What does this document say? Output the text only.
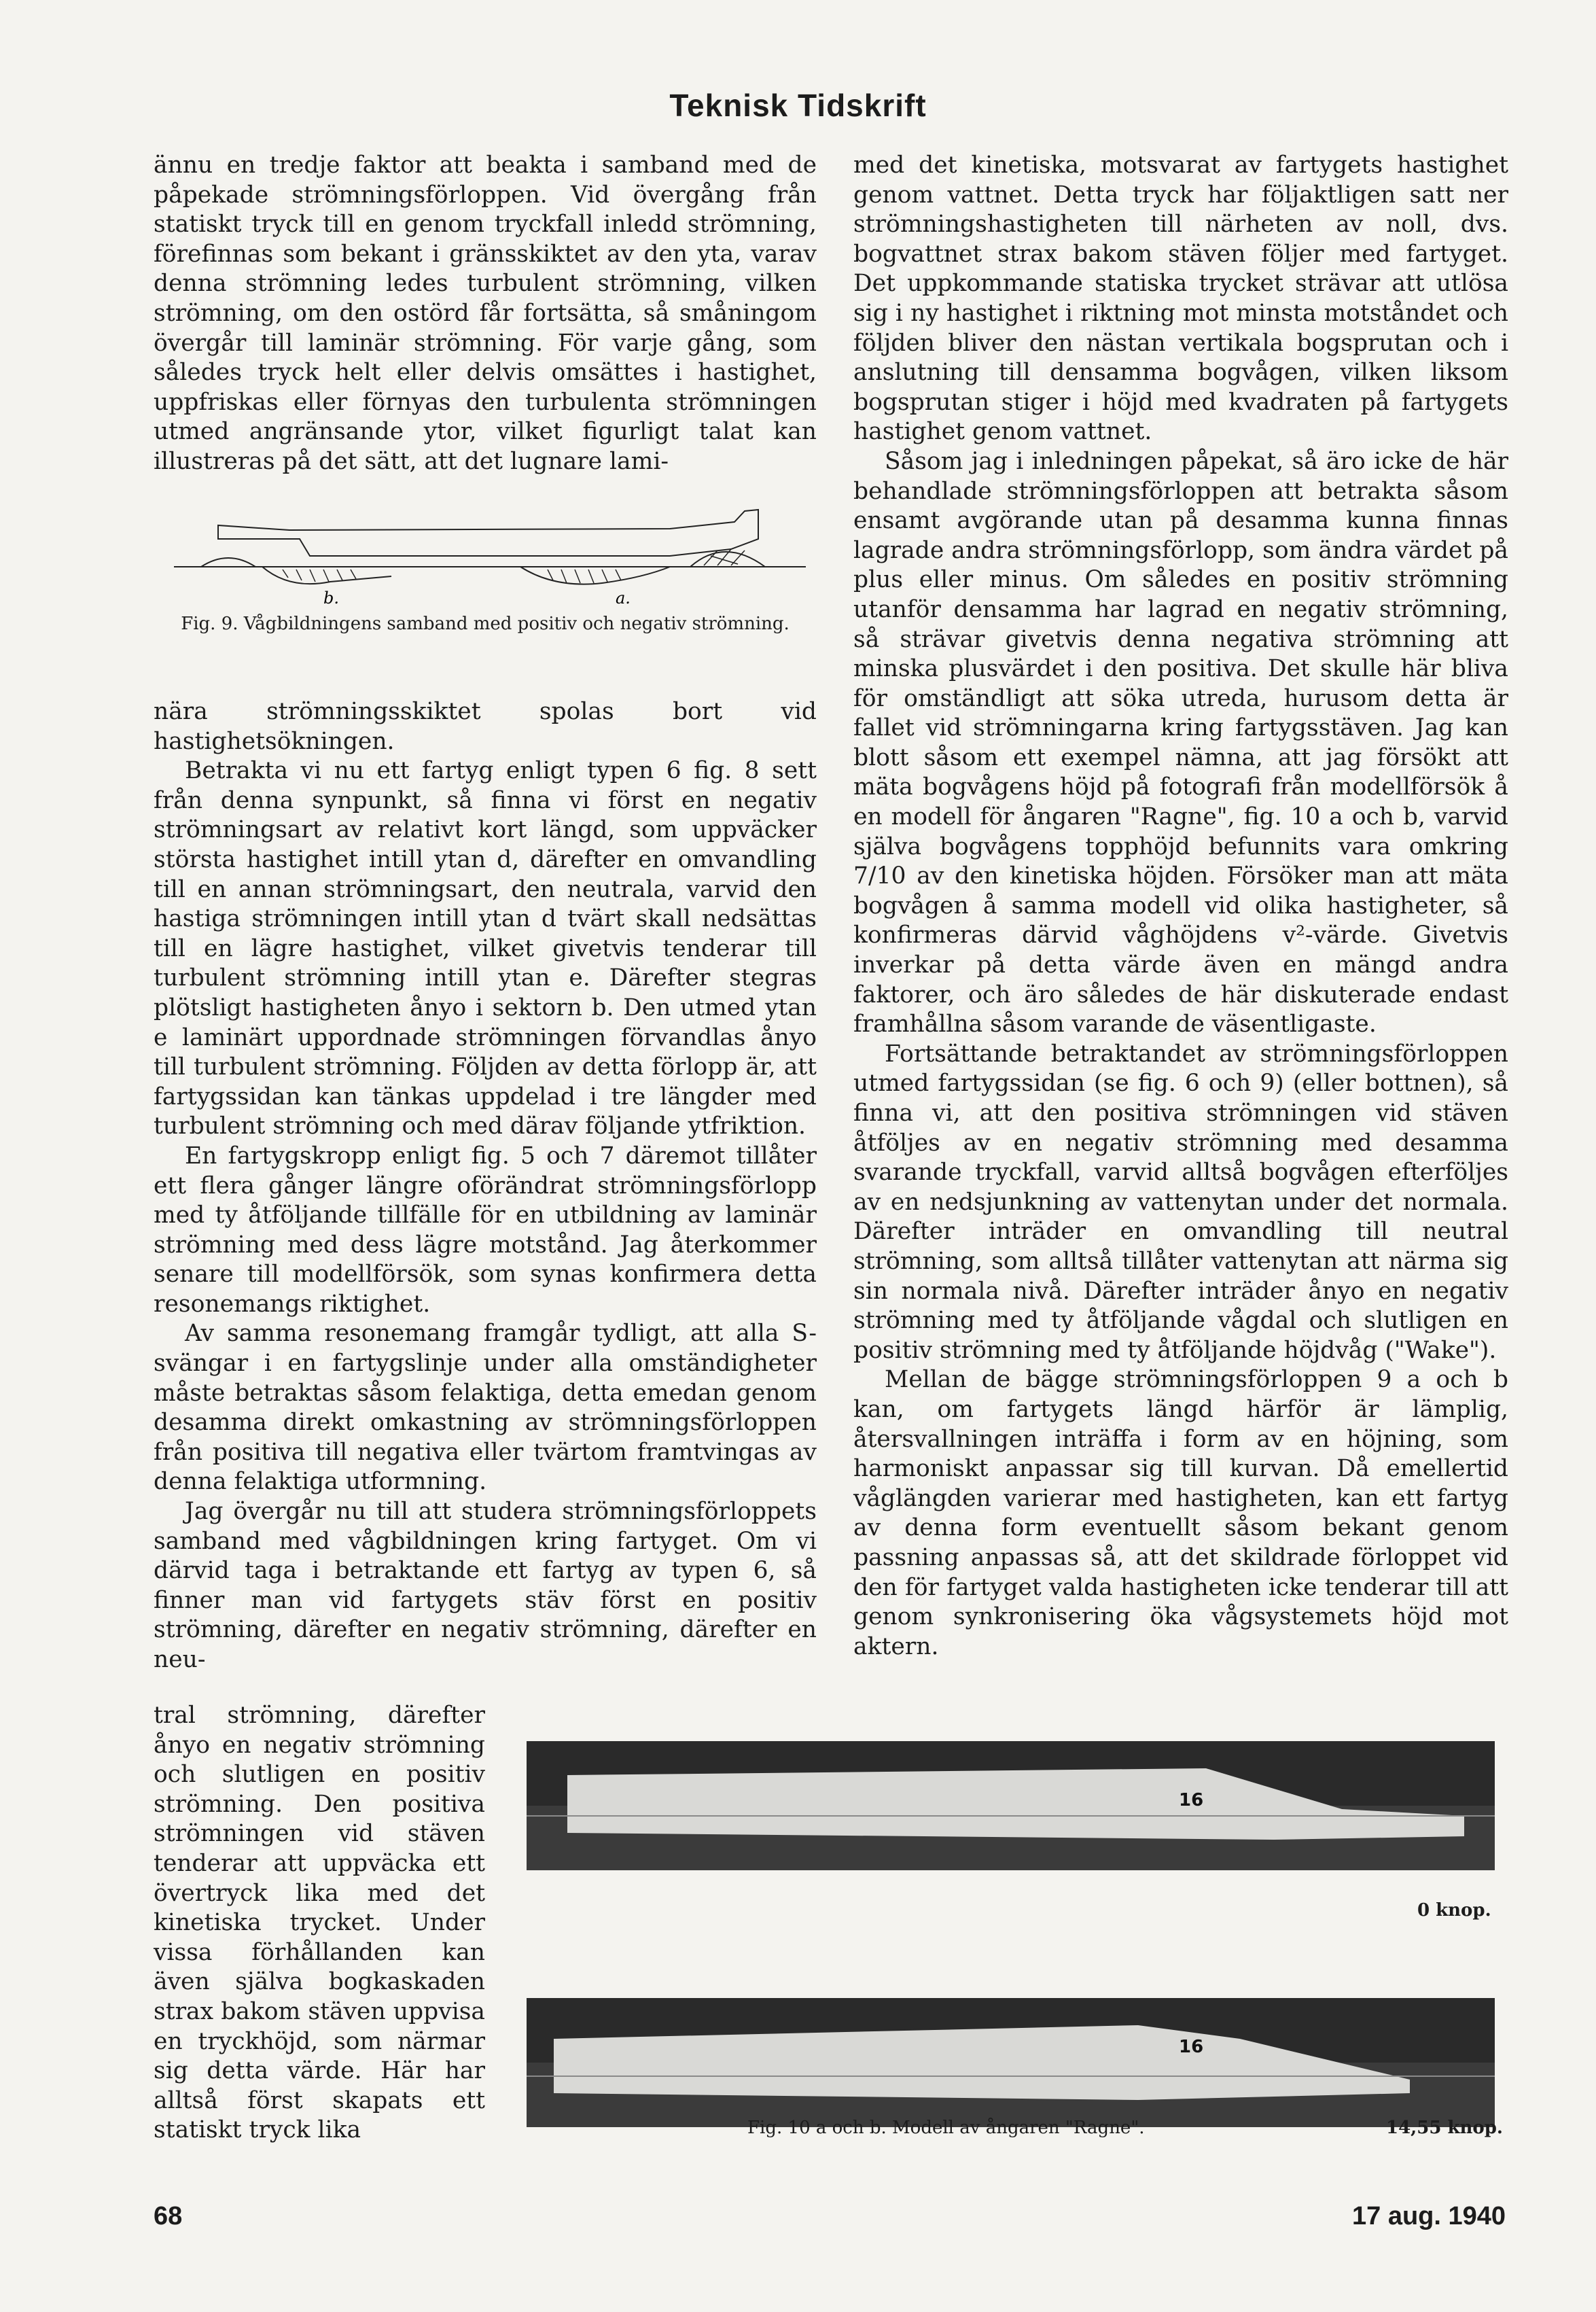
Teknisk Tidskrift

ännu en tredje faktor att beakta i samband med de påpekade strömningsförloppen. Vid övergång från statiskt tryck till en genom tryckfall inledd strömning, förefinnas som bekant i gränsskiktet av den yta, varav denna strömning ledes turbulent strömning, vilken strömning, om den ostörd får fortsätta, så småningom övergår till laminär strömning. För varje gång, som således tryck helt eller delvis omsättes i hastighet, uppfriskas eller förnyas den turbulenta strömningen utmed angränsande ytor, vilket figurligt talat kan illustreras på det sätt, att det lugnare lami-

b.	a.
Fig. 9. Vågbildningens samband med positiv och negativ strömning.

nära strömningsskiktet spolas bort vid hastighetsökningen.

Betraktа vi nu ett fartyg enligt typen 6 fig. 8 sett från denna synpunkt, så finna vi först en negativ strömningsart av relativt kort längd, som uppväcker största hastighet intill ytan d, därefter en omvandling till en annan strömningsart, den neutrala, varvid den hastiga strömningen intill ytan d tvärt skall nedsättas till en lägre hastighet, vilket givetvis tenderar till turbulent strömning intill ytan e. Därefter stegras plötsligt hastigheten ånyo i sektorn b. Den utmed ytan e laminärt uppordnade strömningen förvandlas ånyo till turbulent strömning. Följden av detta förlopp är, att fartygssidan kan tänkas uppdelad i tre längder med turbulent strömning och med därav följande ytfriktion.

En fartygskropp enligt fig. 5 och 7 däremot tillåter ett flera gånger längre oförändrat strömningsförlopp med ty åtföljande tillfälle för en utbildning av laminär strömning med dess lägre motstånd. Jag återkommer senare till modellförsök, som synas konfirmera detta resonemangs riktighet.

Av samma resonemang framgår tydligt, att alla S-svängar i en fartygslinje under alla omständigheter måste betraktas såsom felaktiga, detta emedan genom desamma direkt omkastning av strömningsförloppen från positiva till negativa eller tvärtom framtvingas av denna felaktiga utformning.

Jag övergår nu till att studera strömningsförloppets samband med vågbildningen kring fartyget. Om vi därvid taga i betraktande ett fartyg av typen 6, så finner man vid fartygets stäv först en positiv strömning, därefter en negativ strömning, därefter en neu-

tral strömning, därefter ånyo en negativ strömning och slutligen en positiv strömning. Den positiva strömningen vid stäven tenderar att uppväcka ett övertryck lika med det kinetiska trycket. Under vissa förhållanden kan även själva bogkaskaden strax bakom stäven uppvisa en tryckhöjd, som närmar sig detta värde. Här har alltså först skapats ett statiskt tryck lika

med det kinetiska, motsvarat av fartygets hastighet genom vattnet. Detta tryck har följaktligen satt ner strömningshastigheten till närheten av noll, dvs. bogvattnet strax bakom stäven följer med fartyget. Det uppkommande statiska trycket strävar att utlösa sig i ny hastighet i riktning mot minsta motståndet och följden bliver den nästan vertikala bogsprutan och i anslutning till densamma bogvågen, vilken liksom bogsprutan stiger i höjd med kvadraten på fartygets hastighet genom vattnet.

Såsom jag i inledningen påpekat, så äro icke de här behandlade strömningsförloppen att betrakta såsom ensamt avgörande utan på desamma kunna finnas lagrade andra strömningsförlopp, som ändra värdet på plus eller minus. Om således en positiv strömning utanför densamma har lagrad en negativ strömning, så strävar givetvis denna negativa strömning att minska plusvärdet i den positiva. Det skulle här bliva för omständligt att söka utreda, hurusom detta är fallet vid strömningarna kring fartygsstäven. Jag kan blott såsom ett exempel nämna, att jag försökt att mäta bogvågens höjd på fotografi från modellförsök å en modell för ångaren "Ragne", fig. 10 a och b, varvid själva bogvågens topphöjd befunnits vara omkring 7/10 av den kinetiska höjden. Försöker man att mäta bogvågen å samma modell vid olika hastigheter, så konfirmeras därvid våghöjdens v²-värde. Givetvis inverkar på detta värde även en mängd andra faktorer, och äro således de här diskuterade endast framhållna såsom varande de väsentligaste.

Fortsättande betraktandet av strömningsförloppen utmed fartygssidan (se fig. 6 och 9) (eller bottnen), så finna vi, att den positiva strömningen vid stäven åtföljes av en negativ strömning med desamma svarande tryckfall, varvid alltså bogvågen efterföljes av en nedsjunkning av vattenytan under det normala. Därefter inträder en omvandling till neutral strömning, som alltså tillåter vattenytan att närma sig sin normala nivå. Därefter inträder ånyo en negativ strömning med ty åtföljande vågdal och slutligen en positiv strömning med ty åtföljande höjdvåg ("Wake").

Mellan de bägge strömningsförloppen 9 a och b kan, om fartygets längd härför är lämplig, återsvallningen inträffa i form av en höjning, som harmoniskt anpassar sig till kurvan. Då emellertid våglängden varierar med hastigheten, kan ett fartyg av denna form eventuellt såsom bekant genom passning anpassas så, att det skildrade förloppet vid den för fartyget valda hastigheten icke tenderar till att genom synkronisering öka vågsystemets höjd mot aktern.

16
0 knop.
16
Fig. 10 a och b. Modell av ångaren "Ragne".	14,55 knop.
68	17 aug. 1940
